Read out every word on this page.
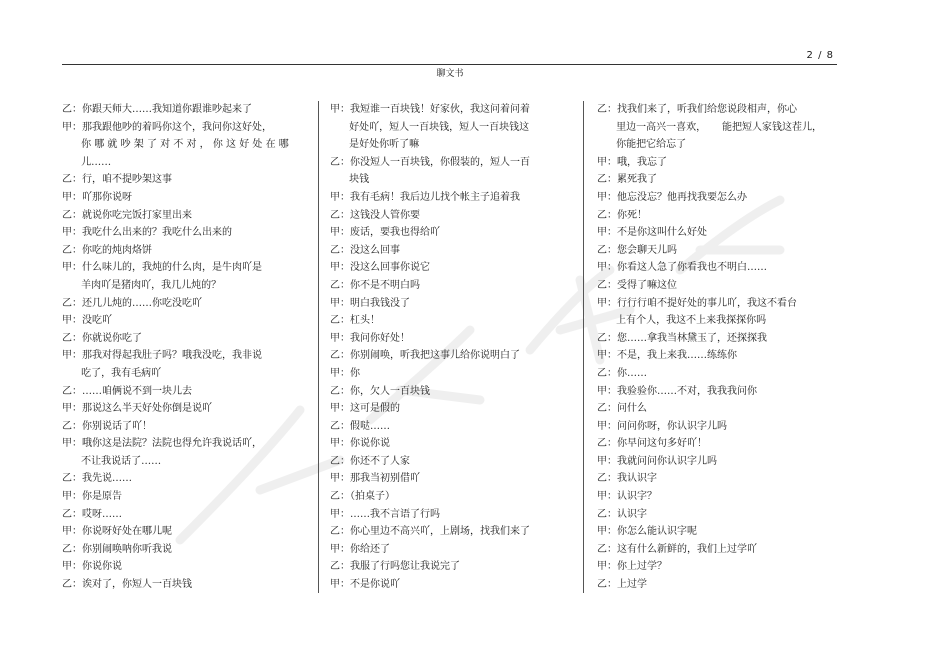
2 / 8
聊文书
乙：你跟天师大……我知道你跟谁吵起来了
甲：那我跟他吵的着吗你这个，我问你这好处，
你 哪 就 吵 架 了 对 不 对 ， 你 这 好 处 在 哪
儿……
乙：行，咱不提吵架这事
甲：吖那你说呀
乙：就说你吃完饭打家里出来
甲：我吃什么出来的？我吃什么出来的
乙：你吃的炖肉烙饼
甲：什么味儿的，我炖的什么肉，是牛肉吖是
羊肉吖是猪肉吖，我几儿炖的？
乙：还几儿炖的……你吃没吃吖
甲：没吃吖
乙：你就说你吃了
甲：那我对得起我肚子吗？哦我没吃，我非说
吃了，我有毛病吖
乙：……咱俩说不到一块儿去
甲：那说这么半天好处你倒是说吖
乙：你别说话了吖！
甲：哦你这是法院？法院也得允许我说话吖，
不让我说话了……
乙：我先说……
甲：你是原告
乙：哎呀……
甲：你说呀好处在哪儿呢
乙：你别闹唤呐你听我说
甲：你说你说
乙：诶对了，你短人一百块钱
甲：我短谁一百块钱！好家伙，我这问着问着
好处吖，短人一百块钱，短人一百块钱这
是好处你听了嘛
乙：你没短人一百块钱，你假装的，短人一百
块钱
甲：我有毛病！我后边儿找个帐主子追着我
乙：这钱没人管你要
甲：废话，要我也得给吖
乙：没这么回事
甲：没这么回事你说它
乙：你不是不明白吗
甲：明白我钱没了
乙：杠头！
甲：我问你好处！
乙：你别闹唤，听我把这事儿给你说明白了
甲：你
乙：你，欠人一百块钱
甲：这可是假的
乙：假哒……
甲：你说你说
乙：你还不了人家
甲：那我当初别借吖
乙：（拍桌子）
甲：……我不言语了行吗
乙：你心里边不高兴吖，上剧场，找我们来了
甲：你给还了
乙：我服了行吗您让我说完了
甲：不是你说吖
乙：找我们来了，听我们给您说段相声，你心
里边一高兴一喜欢，     能把短人家钱这茬儿，
你能把它给忘了
甲：哦，我忘了
乙：累死我了
甲：他忘没忘？他再找我要怎么办
乙：你死！
甲：不是你这叫什么好处
乙：您会聊天儿吗
甲：你看这人急了你看我也不明白……
乙：受得了嘛这位
甲：行行行咱不提好处的事儿吖，我这不看台
上有个人，我这不上来我探探你吗
乙：您……拿我当林黛玉了，还探探我
甲：不是，我上来我……练练你
乙：你……
甲：我验验你……不对，我我我问你
乙：问什么
甲：问问你呀，你认识字儿吗
乙：你早问这句多好吖！
甲：我就问问你认识字儿吗
乙：我认识字
甲：认识字？
乙：认识字
甲：你怎么能认识字呢
乙：这有什么新鲜的，我们上过学吖
甲：你上过学？
乙：上过学
